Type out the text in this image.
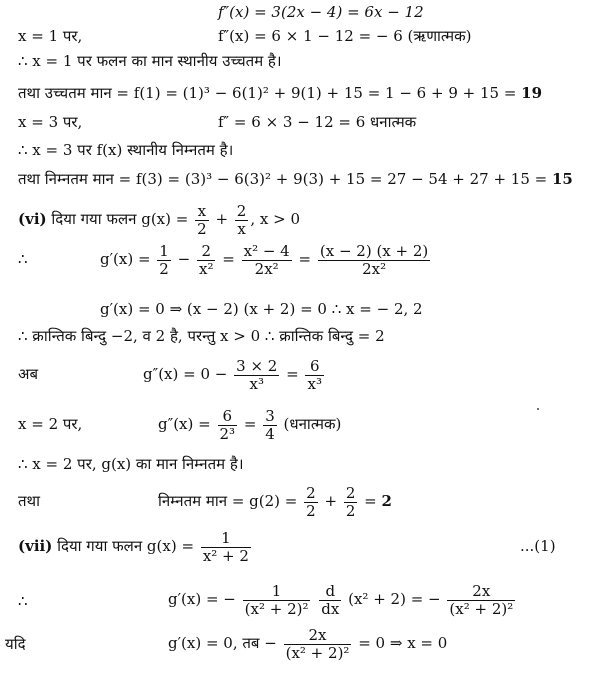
f″(x) = 3(2x − 4) = 6x − 12
x = 1 पर,	f″(x) = 6 × 1 − 12 = − 6 (ऋणात्मक)
∴ x = 1 पर फलन का मान स्थानीय उच्चतम है।
तथा उच्चतम मान = f(1) = (1)³ − 6(1)² + 9(1) + 15 = 1 − 6 + 9 + 15 = 19
x = 3 पर,	f″ = 6 × 3 − 12 = 6 धनात्मक
∴ x = 3 पर f(x) स्थानीय निम्नतम है।
तथा निम्नतम मान = f(3) = (3)³ − 6(3)² + 9(3) + 15 = 27 − 54 + 27 + 15 = 15
(vi) दिया गया फलन $g(x) = \frac{x}{2} + \frac{2}{x}$ , x > 0
∴	$g'(x) = \frac{1}{2} - \frac{2}{\text{x²}} = \frac{\text{x² − 4}}{\text{2x²}} = \frac{(x - 2) (x + 2)}{\text{2x²}}$
g′(x) = 0 ⇒ (x − 2) (x + 2) = 0 ∴ x = − 2, 2
∴ क्रान्तिक बिन्दु −2, व 2 है, परन्तु x > 0 ∴ क्रान्तिक बिन्दु = 2
अब	$g''(x) = 0 - \frac{3 \times 2}{\text{x³}} = \frac{6}{\text{x³}}$
x = 2 पर,	$g''(x) = \frac{6}{\text{2³}} = \frac{3}{4}$ (धनात्मक)
∴ x = 2 पर, g(x) का मान निम्नतम है।
तथा	निम्नतम मान = $g(2) = \frac{2}{2} + \frac{2}{2} = 2$
(vii) दिया गया फलन $g(x) = \frac{1}{\text{x² + 2}}$	...(1)
∴	g′(x) = − $\frac{1}{\text{(x² + 2)²}}$
$\frac{d}{dx} (x^2 + 2)$ = − $\frac{2x}{\text{(x² + 2)²}}$
यदि	g′(x) = 0, तब − $\frac{2x}{\text{(x² + 2)²}} = 0$ ⇒ x = 0
